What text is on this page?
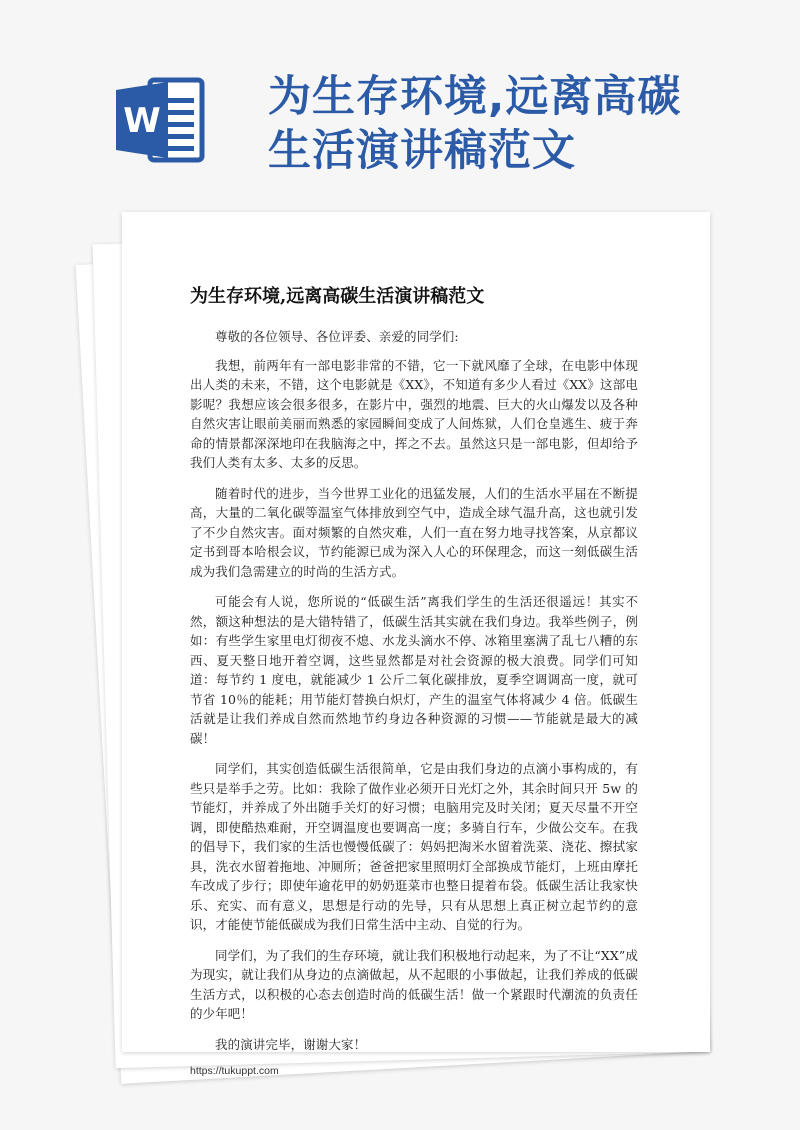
W 为生存环境,远离高碳生活演讲稿范文
为生存环境,远离高碳生活演讲稿范文

尊敬的各位领导、各位评委、亲爱的同学们:

我想，前两年有一部电影非常的不错，它一下就风靡了全球，在电影中体现出人类的未来，不错，这个电影就是《XX》，不知道有多少人看过《XX》这部电影呢？我想应该会很多很多，在影片中，强烈的地震、巨大的火山爆发以及各种自然灾害让眼前美丽而熟悉的家园瞬间变成了人间炼狱，人们仓皇逃生、疲于奔命的情景都深深地印在我脑海之中，挥之不去。虽然这只是一部电影，但却给予我们人类有太多、太多的反思。

随着时代的进步，当今世界工业化的迅猛发展，人们的生活水平届在不断提高，大量的二氧化碳等温室气体排放到空气中，造成全球气温升高，这也就引发了不少自然灾害。面对频繁的自然灾难，人们一直在努力地寻找答案，从京都议定书到哥本哈根会议，节约能源已成为深入人心的环保理念，而这一刻低碳生活成为我们急需建立的时尚的生活方式。

可能会有人说，您所说的“低碳生活”离我们学生的生活还很遥远！其实不然，额这种想法的是大错特错了，低碳生活其实就在我们身边。我举些例子，例如：有些学生家里电灯彻夜不熄、水龙头滴水不停、冰箱里塞满了乱七八糟的东西、夏天整日地开着空调，这些显然都是对社会资源的极大浪费。同学们可知道：每节约 1 度电，就能减少 1 公斤二氧化碳排放，夏季空调调高一度，就可节省 10％的能耗；用节能灯替换白炽灯，产生的温室气体将减少 4 倍。低碳生活就是让我们养成自然而然地节约身边各种资源的习惯——节能就是最大的减碳！

同学们，其实创造低碳生活很简单，它是由我们身边的点滴小事构成的，有些只是举手之劳。比如：我除了做作业必须开日光灯之外，其余时间只开 5w 的节能灯，并养成了外出随手关灯的好习惯；电脑用完及时关闭；夏天尽量不开空调，即使酷热难耐，开空调温度也要调高一度；多骑自行车，少做公交车。在我的倡导下，我们家的生活也慢慢低碳了：妈妈把淘米水留着洗菜、浇花、擦拭家具，洗衣水留着拖地、冲厕所；爸爸把家里照明灯全部换成节能灯，上班由摩托车改成了步行；即使年逾花甲的奶奶逛菜市也整日提着布袋。低碳生活让我家快乐、充实、而有意义，思想是行动的先导，只有从思想上真正树立起节约的意识，才能使节能低碳成为我们日常生活中主动、自觉的行为。

同学们，为了我们的生存环境，就让我们积极地行动起来，为了不让“XX”成为现实，就让我们从身边的点滴做起，从不起眼的小事做起，让我们养成的低碳生活方式，以积极的心态去创造时尚的低碳生活！做一个紧跟时代潮流的负责任的少年吧！

我的演讲完毕，谢谢大家！

https://tukuppt.com
